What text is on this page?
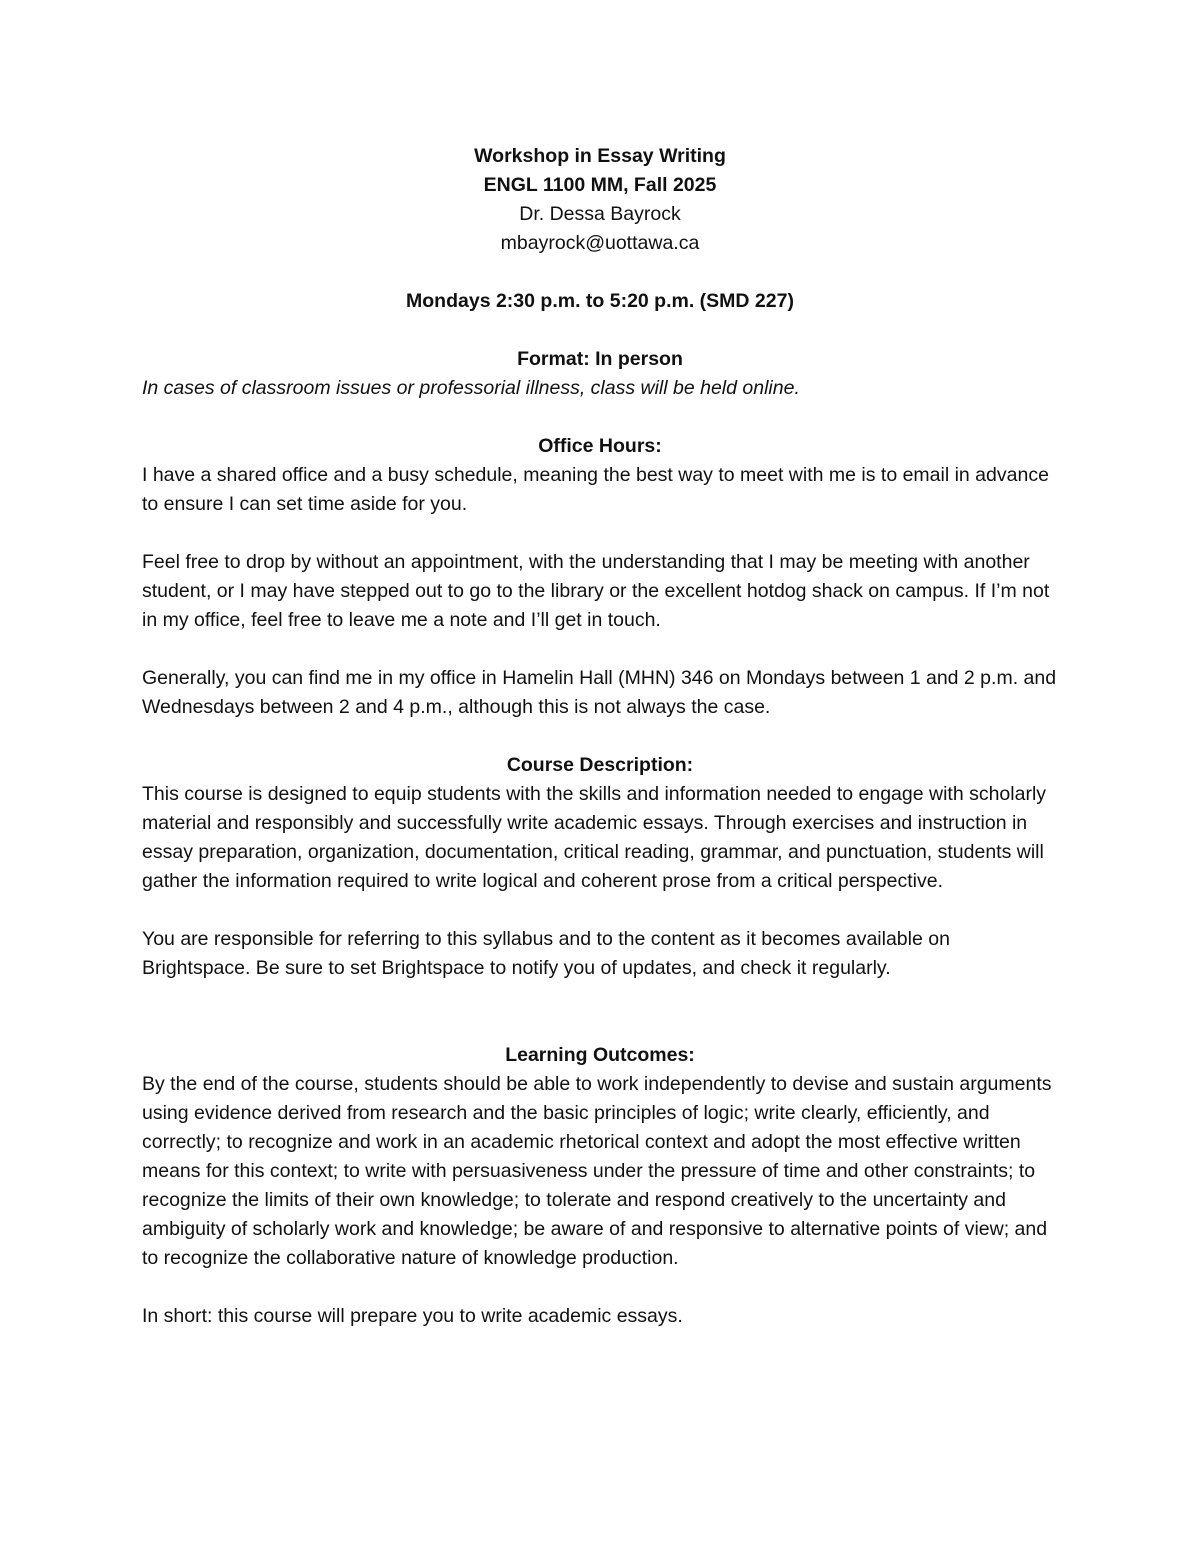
Workshop in Essay Writing

ENGL 1100 MM, Fall 2025

Dr. Dessa Bayrock

mbayrock@uottawa.ca

Mondays 2:30 p.m. to 5:20 p.m. (SMD 227)

Format: In person

In cases of classroom issues or professorial illness, class will be held online.

Office Hours:

I have a shared office and a busy schedule, meaning the best way to meet with me is to email in advance to ensure I can set time aside for you.

Feel free to drop by without an appointment, with the understanding that I may be meeting with another student, or I may have stepped out to go to the library or the excellent hotdog shack on campus. If I’m not in my office, feel free to leave me a note and I’ll get in touch.

Generally, you can find me in my office in Hamelin Hall (MHN) 346 on Mondays between 1 and 2 p.m. and Wednesdays between 2 and 4 p.m., although this is not always the case.

Course Description:

This course is designed to equip students with the skills and information needed to engage with scholarly material and responsibly and successfully write academic essays. Through exercises and instruction in essay preparation, organization, documentation, critical reading, grammar, and punctuation, students will gather the information required to write logical and coherent prose from a critical perspective.

You are responsible for referring to this syllabus and to the content as it becomes available on Brightspace. Be sure to set Brightspace to notify you of updates, and check it regularly.

Learning Outcomes:

By the end of the course, students should be able to work independently to devise and sustain arguments using evidence derived from research and the basic principles of logic; write clearly, efficiently, and correctly; to recognize and work in an academic rhetorical context and adopt the most effective written means for this context; to write with persuasiveness under the pressure of time and other constraints; to recognize the limits of their own knowledge; to tolerate and respond creatively to the uncertainty and ambiguity of scholarly work and knowledge; be aware of and responsive to alternative points of view; and to recognize the collaborative nature of knowledge production.

In short: this course will prepare you to write academic essays.
